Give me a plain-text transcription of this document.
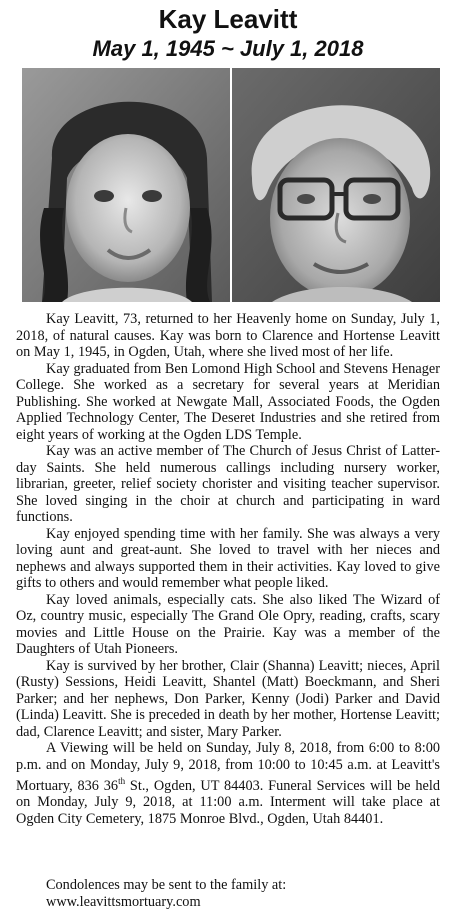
Kay Leavitt
May 1, 1945 ~ July 1, 2018

Kay Leavitt, 73, returned to her Heavenly home on Sunday, July 1, 2018, of natural causes. Kay was born to Clarence and Hortense Leavitt on May 1, 1945, in Ogden, Utah, where she lived most of her life.

Kay graduated from Ben Lomond High School and Stevens Henager College. She worked as a secretary for several years at Meridian Publishing. She worked at Newgate Mall, Associated Foods, the Ogden Applied Technology Center, The Deseret Industries and she retired from eight years of working at the Ogden LDS Temple.

Kay was an active member of The Church of Jesus Christ of Latter-day Saints. She held numerous callings including nursery worker, librarian, greeter, relief society chorister and visiting teacher supervisor. She loved singing in the choir at church and participating in ward functions.

Kay enjoyed spending time with her family. She was always a very loving aunt and great-aunt. She loved to travel with her nieces and nephews and always supported them in their activities. Kay loved to give gifts to others and would remember what people liked.

Kay loved animals, especially cats. She also liked The Wizard of Oz, country music, especially The Grand Ole Opry, reading, crafts, scary movies and Little House on the Prairie. Kay was a member of the Daughters of Utah Pioneers.

Kay is survived by her brother, Clair (Shanna) Leavitt; nieces, April (Rusty) Sessions, Heidi Leavitt, Shantel (Matt) Boeckmann, and Sheri Parker; and her nephews, Don Parker, Kenny (Jodi) Parker and David (Linda) Leavitt. She is preceded in death by her mother, Hortense Leavitt; dad, Clarence Leavitt; and sister, Mary Parker.

A Viewing will be held on Sunday, July 8, 2018, from 6:00 to 8:00 p.m. and on Monday, July 9, 2018, from 10:00 to 10:45 a.m. at Leavitt's Mortuary, 836 36th St., Ogden, UT 84403. Funeral Services will be held on Monday, July 9, 2018, at 11:00 a.m. Interment will take place at Ogden City Cemetery, 1875 Monroe Blvd., Ogden, Utah 84401.

Condolences may be sent to the family at:
www.leavittsmortuary.com
